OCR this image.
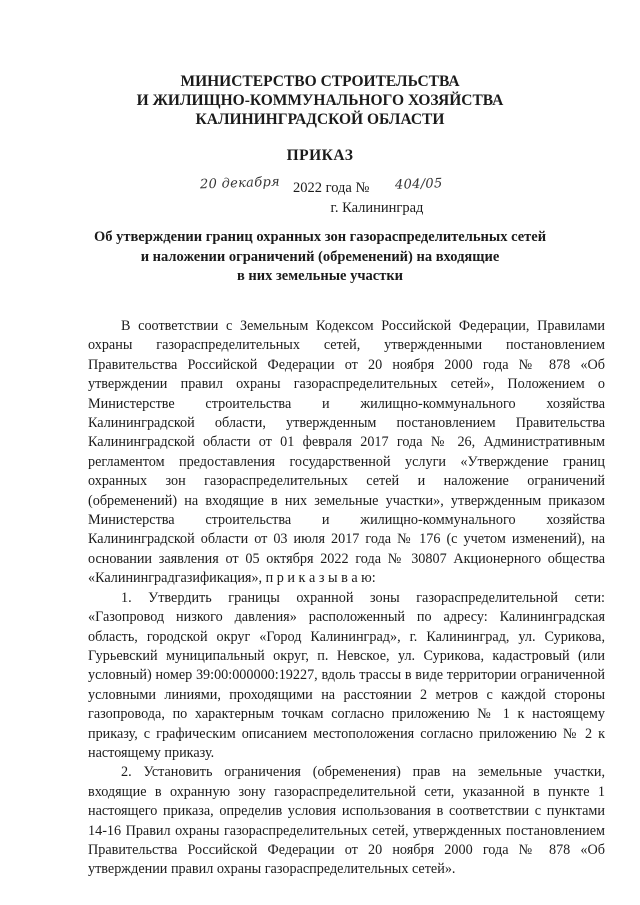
МИНИСТЕРСТВО СТРОИТЕЛЬСТВА
И ЖИЛИЩНО-КОММУНАЛЬНОГО ХОЗЯЙСТВА
КАЛИНИНГРАДСКОЙ ОБЛАСТИ
ПРИКАЗ
20 декабря 2022 года № 404/05
г. Калининград
Об утверждении границ охранных зон газораспределительных сетей
и наложении ограничений (обременений) на входящие
в них земельные участки

В соответствии с Земельным Кодексом Российской Федерации, Правилами охраны газораспределительных сетей, утвержденными постановлением Правительства Российской Федерации от 20 ноября 2000 года № 878 «Об утверждении правил охраны газораспределительных сетей», Положением о Министерстве строительства и жилищно-коммунального хозяйства Калининградской области, утвержденным постановлением Правительства Калининградской области от 01 февраля 2017 года № 26, Административным регламентом предоставления государственной услуги «Утверждение границ охранных зон газораспределительных сетей и наложение ограничений (обременений) на входящие в них земельные участки», утвержденным приказом Министерства строительства и жилищно-коммунального хозяйства Калининградской области от 03 июля 2017 года № 176 (с учетом изменений), на основании заявления от 05 октября 2022 года № 30807 Акционерного общества «Калининградгазификация», п р и к а з ы в а ю:

1. Утвердить границы охранной зоны газораспределительной сети: «Газопровод низкого давления» расположенный по адресу: Калининградская область, городской округ «Город Калининград», г. Калининград, ул. Сурикова, Гурьевский муниципальный округ, п. Невское, ул. Сурикова, кадастровый (или условный) номер 39:00:000000:19227, вдоль трассы в виде территории ограниченной условными линиями, проходящими на расстоянии 2 метров с каждой стороны газопровода, по характерным точкам согласно приложению № 1 к настоящему приказу, с графическим описанием местоположения согласно приложению № 2 к настоящему приказу.

2. Установить ограничения (обременения) прав на земельные участки, входящие в охранную зону газораспределительной сети, указанной в пункте 1 настоящего приказа, определив условия использования в соответствии с пунктами 14-16 Правил охраны газораспределительных сетей, утвержденных постановлением Правительства Российской Федерации от 20 ноября 2000 года № 878 «Об утверждении правил охраны газораспределительных сетей».
